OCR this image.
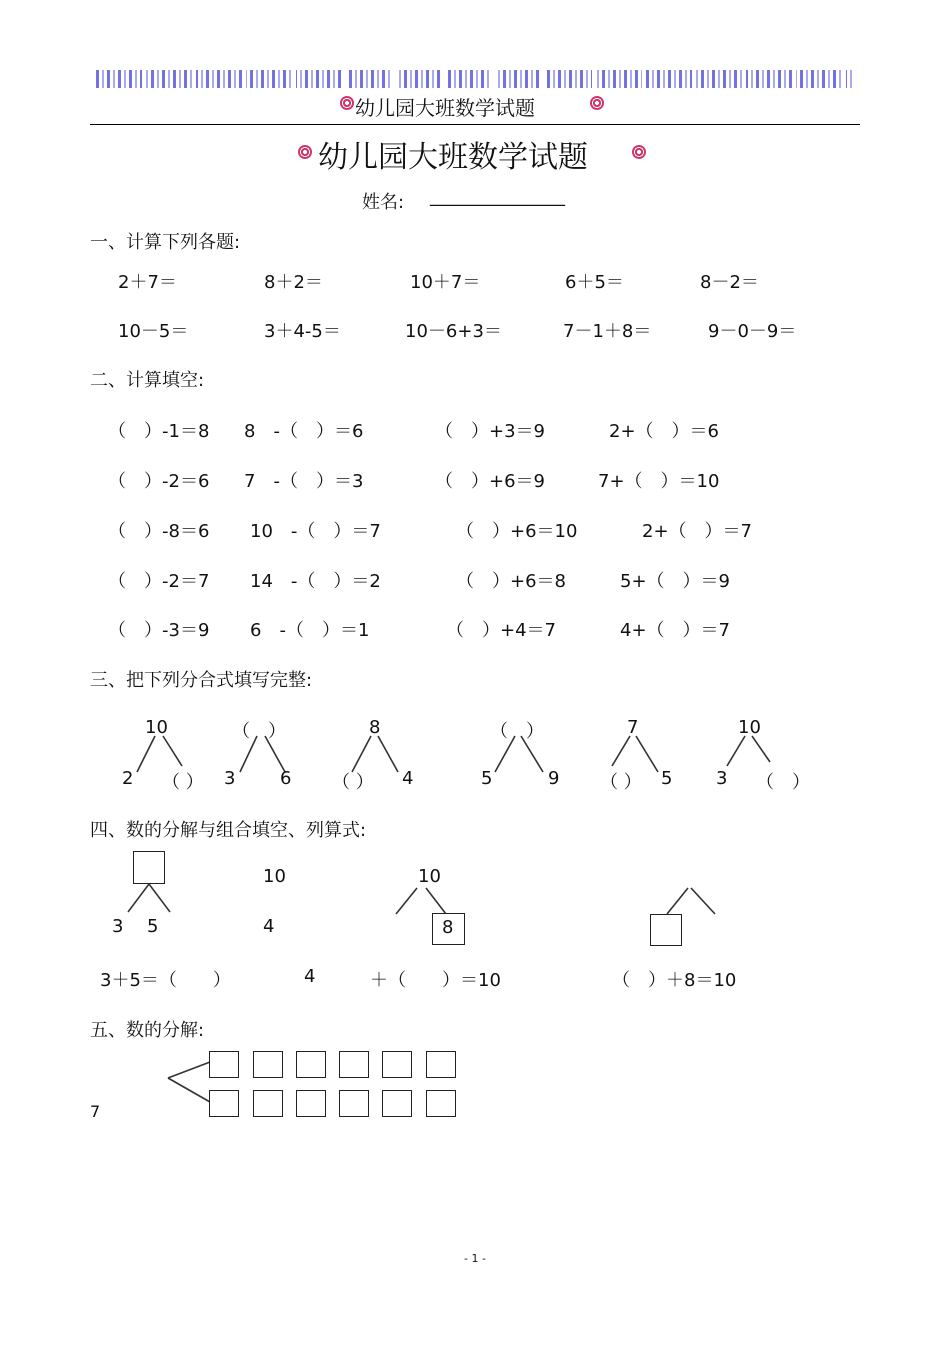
幼儿园大班数学试题
幼儿园大班数学试题
姓名: _______________
一、计算下列各题:
2＋7＝	8＋2＝	10＋7＝	6＋5＝	8－2＝
10－5＝	3＋4-5＝	10－6+3＝	7－1＋8＝	9－0－9＝
二、计算填空:
（　）-1＝8 8　-（　）＝6	（　）+3＝9	2+（　）＝6
（　）-2＝6 7　-（　）＝3	（　）+6＝9	7+（　）＝10
（　）-8＝6 10　-（　）＝7	（　）+6＝10	2+（　）＝7
（　）-2＝7 14　-（　）＝2	（　）+6＝8	5+（　）＝9
（　）-3＝9 6　-（　）＝1	（　）+4＝7	4+（　）＝7
三、把下列分合式填写完整:
10
2 （ ）
（　）
3 6
8
（ ） 4
（　）
5	9
7
（ ） 5
10
3 （　）
四、数的分解与组合填空、列算式:
3 5
10
4
10
8
3＋5＝（　　）	4	＋（　　）＝10	（　）＋8＝10
五、数的分解:
7
- 1 -
